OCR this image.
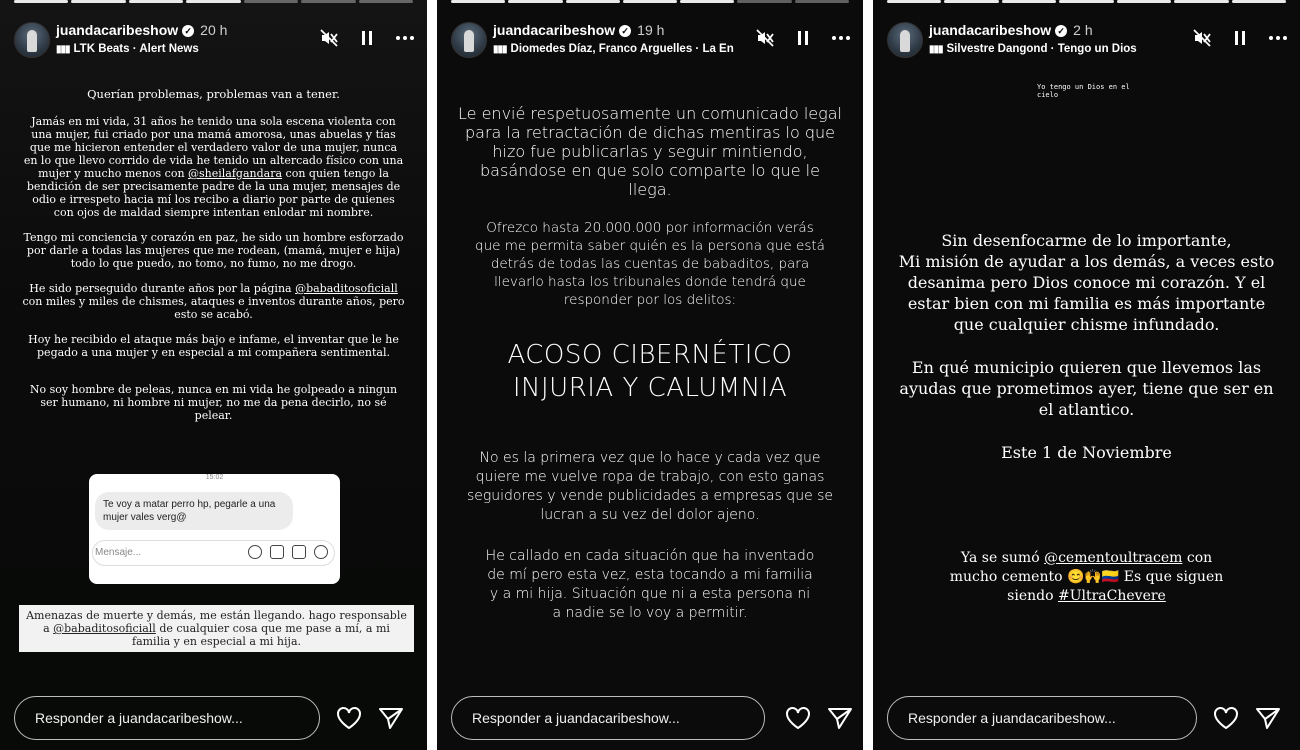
juandacaribeshow ✓ 20 h
▮▮▮ LTK Beats · Alert News

Querían problemas, problemas van a tener.

Jamás en mi vida, 31 años he tenido una sola escena violenta con una mujer, fui criado por una mamá amorosa, unas abuelas y tías que me hicieron entender el verdadero valor de una mujer, nunca en lo que llevo corrido de vida he tenido un altercado físico con una mujer y mucho menos con @sheilafgandara con quien tengo la bendición de ser precisamente padre de la una mujer, mensajes de odio e irrespeto hacia mí los recibo a diario por parte de quienes con ojos de maldad siempre intentan enlodar mi nombre.

Tengo mi conciencia y corazón en paz, he sido un hombre esforzado por darle a todas las mujeres que me rodean, (mamá, mujer e hija) todo lo que puedo, no tomo, no fumo, no me drogo.

He sido perseguido durante años por la página @babaditosoficiall con miles y miles de chismes, ataques e inventos durante años, pero esto se acabó.

Hoy he recibido el ataque más bajo e infame, el inventar que le he pegado a una mujer y en especial a mi compañera sentimental.

No soy hombre de peleas, nunca en mi vida he golpeado a ningun ser humano, ni hombre ni mujer, no me da pena decirlo, no sé pelear.

15:02
Te voy a matar perro hp, pegarle a una mujer vales verg@
Mensaje...
Amenazas de muerte y demás, me están llegando. hago responsable a @babaditosoficiall de cualquier cosa que me pase a mí, a mi familia y en especial a mi hija.
Responder a juandacaribeshow...
juandacaribeshow ✓ 19 h
▮▮▮ Diomedes Díaz, Franco Arguelles · La En
Le envié respetuosamente un comunicado legal para la retractación de dichas mentiras lo que hizo fue publicarlas y seguir mintiendo, basándose en que solo comparte lo que le llega.
Ofrezco hasta 20.000.000 por información verás que me permita saber quién es la persona que está detrás de todas las cuentas de babaditos, para llevarlo hasta los tribunales donde tendrá que responder por los delitos:
ACOSO CIBERNÉTICO
INJURIA Y CALUMNIA
No es la primera vez que lo hace y cada vez que quiere me vuelve ropa de trabajo, con esto ganas seguidores y vende publicidades a empresas que se lucran a su vez del dolor ajeno.
He callado en cada situación que ha inventado de mí pero esta vez, esta tocando a mi familia y a mi hija. Situación que ni a esta persona ni a nadie se lo voy a permitir.
Responder a juandacaribeshow...
juandacaribeshow ✓ 2 h
▮▮▮ Silvestre Dangond · Tengo un Dios
Yo tengo un Dios en el
cielo

Sin desenfocarme de lo importante,
Mi misión de ayudar a los demás, a veces esto desanima pero Dios conoce mi corazón. Y el estar bien con mi familia es más importante que cualquier chisme infundado.

En qué municipio quieren que llevemos las ayudas que prometimos ayer, tiene que ser en el atlantico.

Este 1 de Noviembre

Ya se sumó @cementoultracem con mucho cemento 😊🙌🇨🇴 Es que siguen siendo #UltraChevere

Responder a juandacaribeshow...
